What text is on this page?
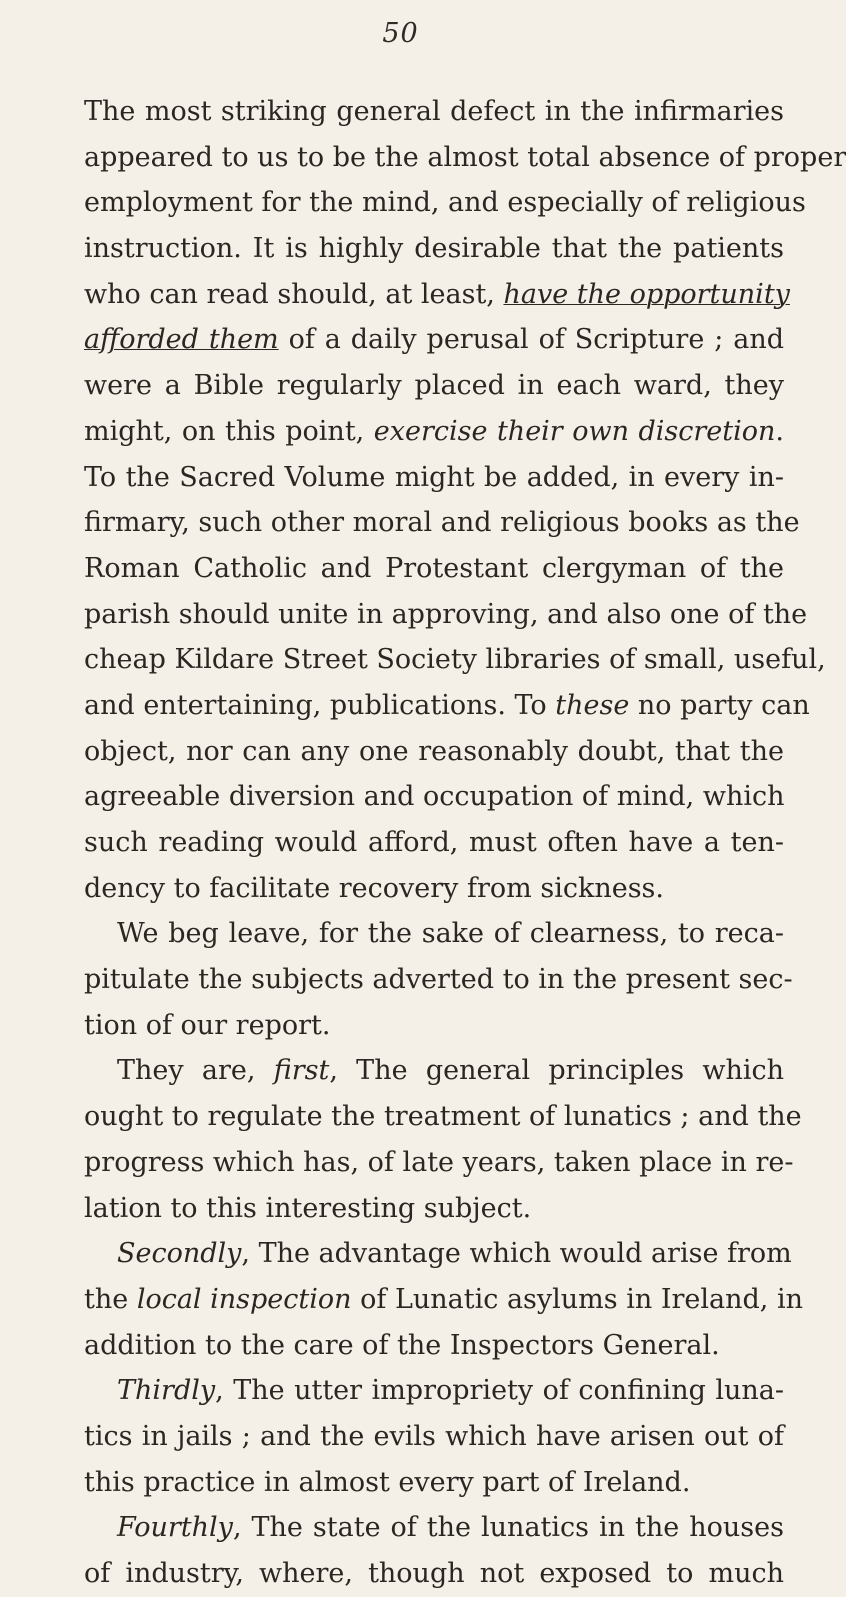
50
The most striking general defect in the infirmaries
appeared to us to be the almost total absence of proper
employment for the mind, and especially of religious
instruction. It is highly desirable that the patients
who can read should, at least, have the opportunity
afforded them of a daily perusal of Scripture ; and
were a Bible regularly placed in each ward, they
might, on this point, exercise their own discretion.
To the Sacred Volume might be added, in every in-
firmary, such other moral and religious books as the
Roman Catholic and Protestant clergyman of the
parish should unite in approving, and also one of the
cheap Kildare Street Society libraries of small, useful,
and entertaining, publications. To these no party can
object, nor can any one reasonably doubt, that the
agreeable diversion and occupation of mind, which
such reading would afford, must often have a ten-
dency to facilitate recovery from sickness.
We beg leave, for the sake of clearness, to reca-
pitulate the subjects adverted to in the present sec-
tion of our report.
They are, first, The general principles which
ought to regulate the treatment of lunatics ; and the
progress which has, of late years, taken place in re-
lation to this interesting subject.
Secondly, The advantage which would arise from
the local inspection of Lunatic asylums in Ireland, in
addition to the care of the Inspectors General.
Thirdly, The utter impropriety of confining luna-
tics in jails ; and the evils which have arisen out of
this practice in almost every part of Ireland.
Fourthly, The state of the lunatics in the houses
of industry, where, though not exposed to much
